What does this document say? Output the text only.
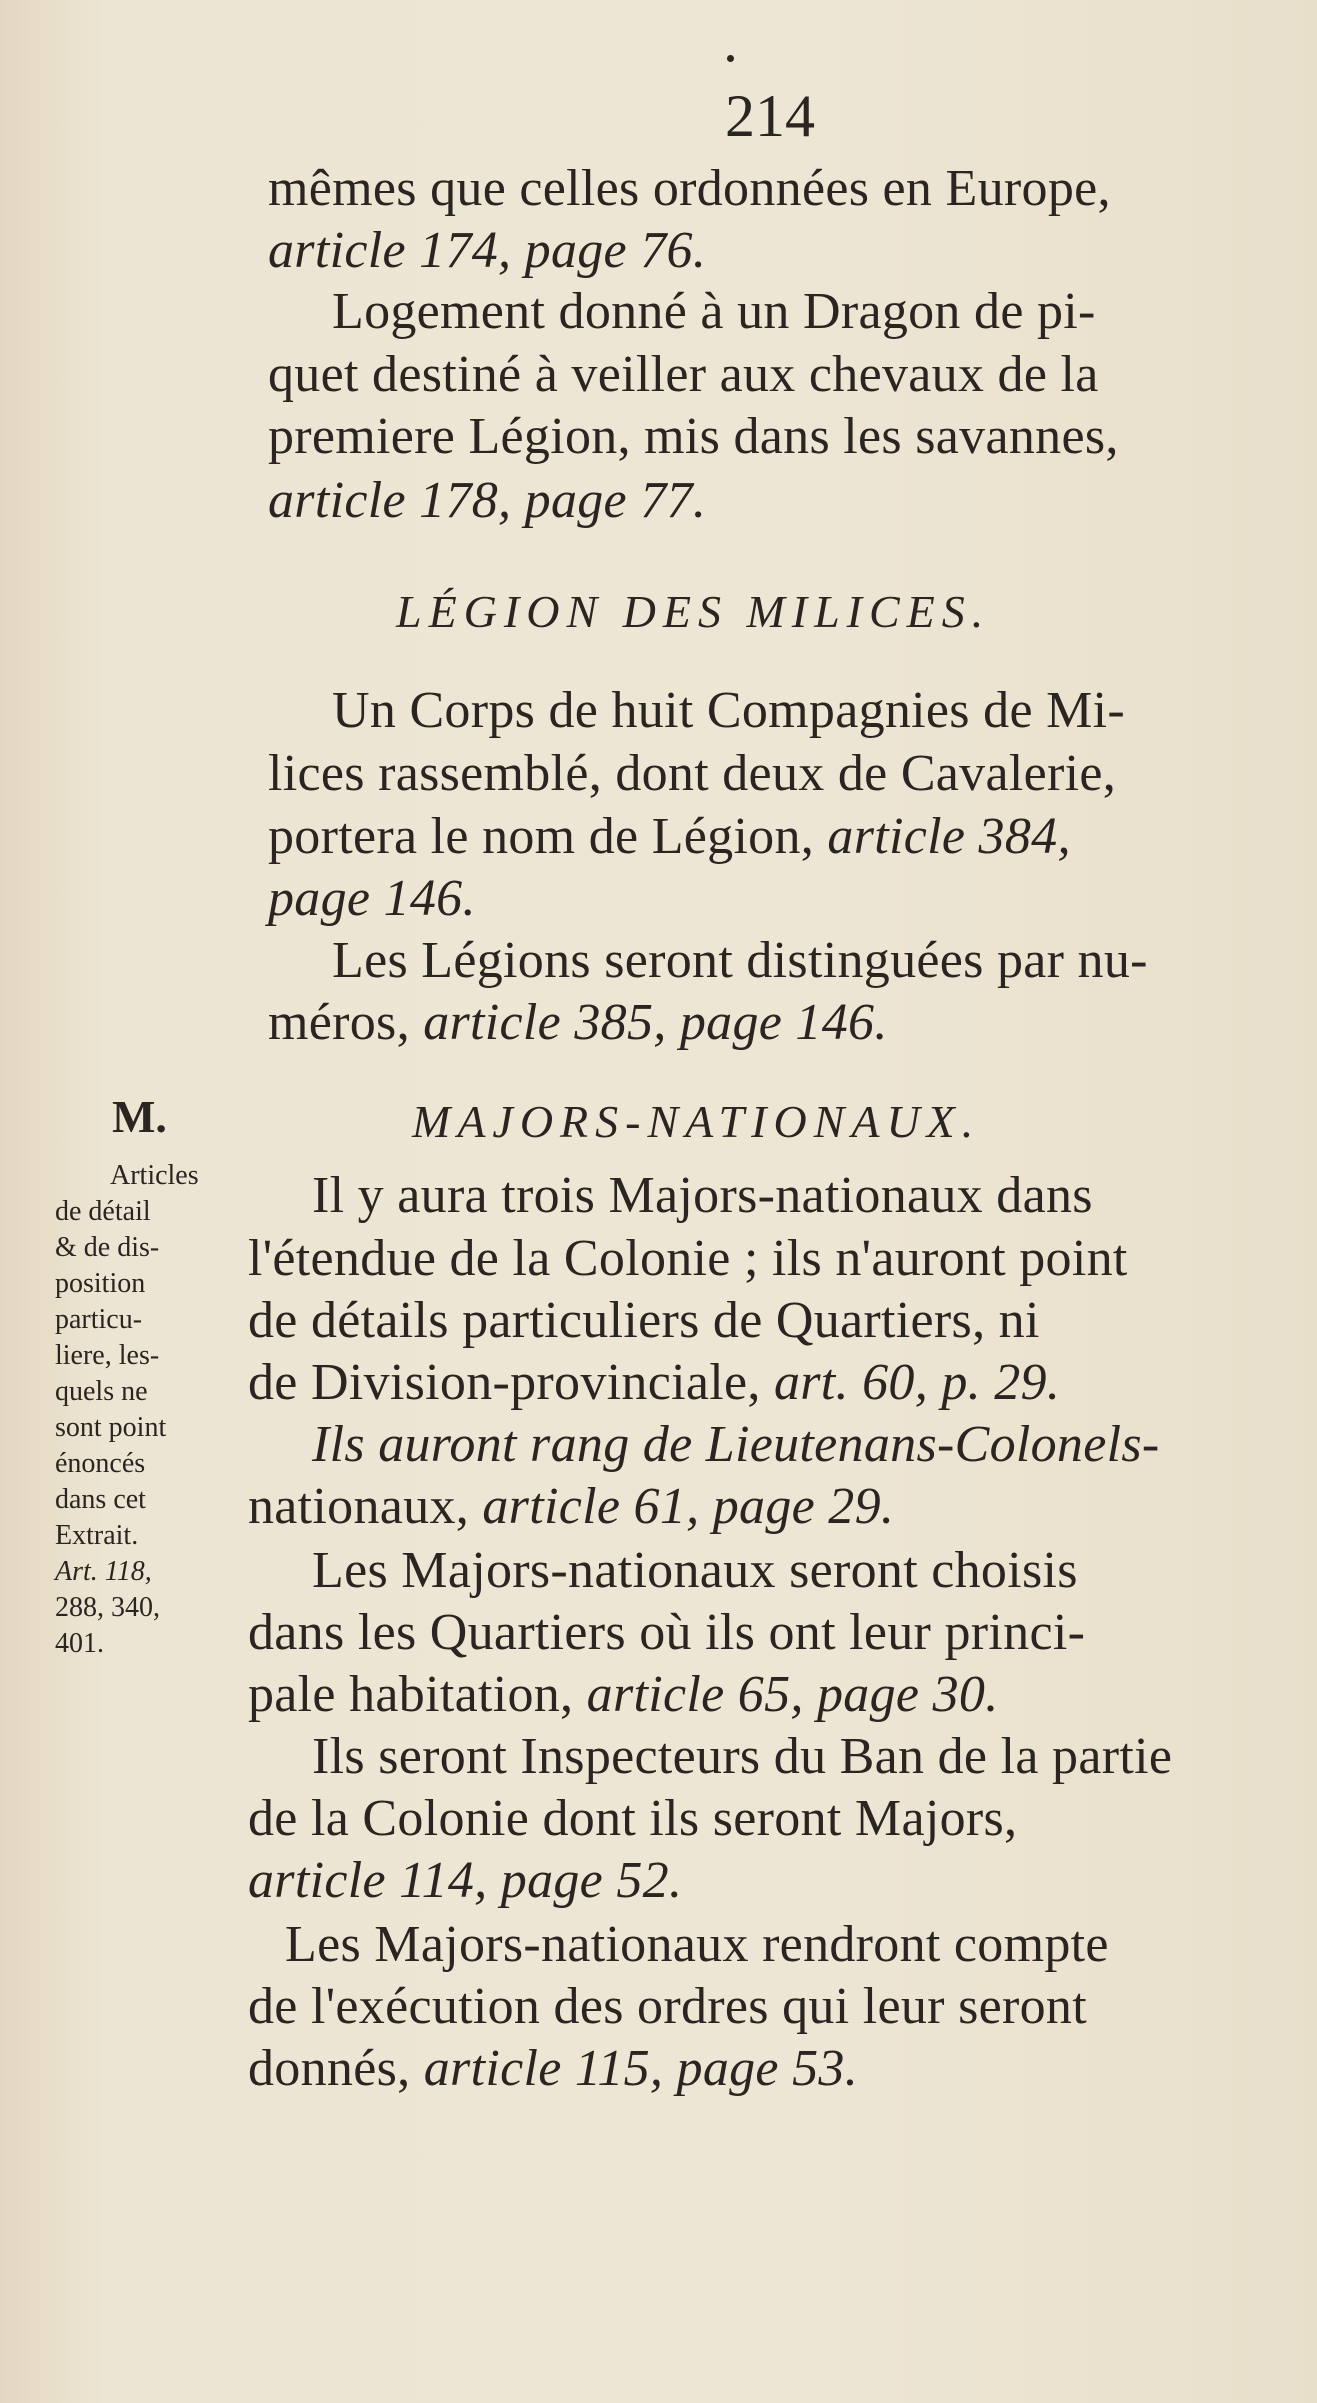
214
mêmes que celles ordonnées en Europe,
article 174, page 76.
Logement donné à un Dragon de pi-
quet destiné à veiller aux chevaux de la
premiere Légion, mis dans les savannes,
article 178, page 77.
LÉGION DES MILICES.
Un Corps de huit Compagnies de Mi-
lices rassemblé, dont deux de Cavalerie,
portera le nom de Légion, article 384,
page 146.
Les Légions seront distinguées par nu-
méros, article 385, page 146.
M.	MAJORS-NATIONAUX.
Articles
de détail
& de dis-
position
particu-
liere, les-
quels ne
sont point
énoncés
dans cet
Extrait.
Art. 118,
288, 340,
401.
Il y aura trois Majors-nationaux dans
l'étendue de la Colonie ; ils n'auront point
de détails particuliers de Quartiers, ni
de Division-provinciale, art. 60, p. 29.
Ils auront rang de Lieutenans-Colonels-
nationaux, article 61, page 29.
Les Majors-nationaux seront choisis
dans les Quartiers où ils ont leur princi-
pale habitation, article 65, page 30.
Ils seront Inspecteurs du Ban de la partie
de la Colonie dont ils seront Majors,
article 114, page 52.
Les Majors-nationaux rendront compte
de l'exécution des ordres qui leur seront
donnés, article 115, page 53.
